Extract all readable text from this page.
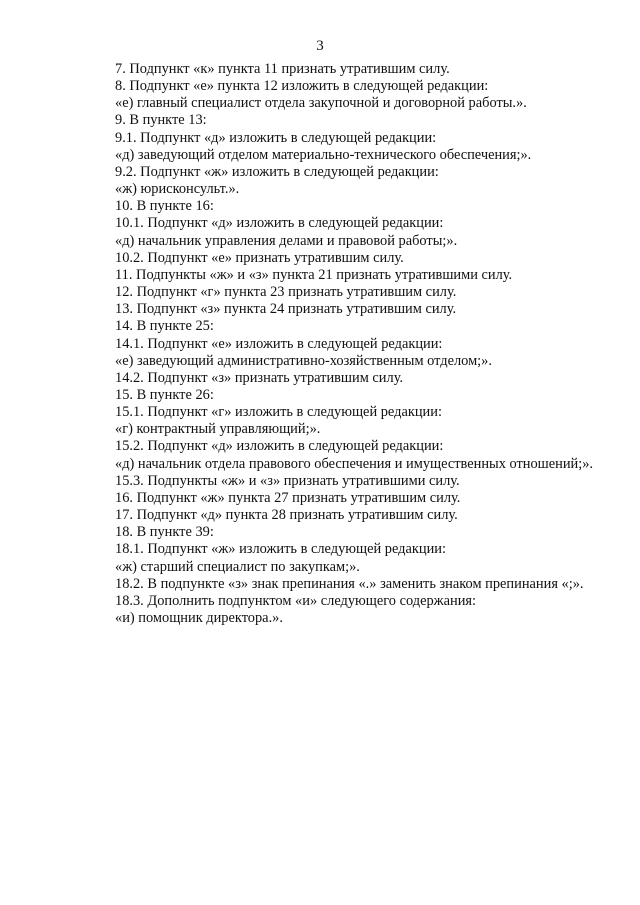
3

7. Подпункт «к» пункта 11 признать утратившим силу.

8. Подпункт «е» пункта 12 изложить в следующей редакции:

«е) главный специалист отдела закупочной и договорной работы.».

9. В пункте 13:

9.1. Подпункт «д» изложить в следующей редакции:

«д) заведующий отделом материально-технического обеспечения;».

9.2. Подпункт «ж» изложить в следующей редакции:

«ж) юрисконсульт.».

10. В пункте 16:

10.1. Подпункт «д» изложить в следующей редакции:

«д) начальник управления делами и правовой работы;».

10.2. Подпункт «е» признать утратившим силу.

11. Подпункты «ж» и «з» пункта 21 признать утратившими силу.

12. Подпункт «г» пункта 23 признать утратившим силу.

13. Подпункт «з» пункта 24 признать утратившим силу.

14. В пункте 25:

14.1. Подпункт «е» изложить в следующей редакции:

«е) заведующий административно-хозяйственным отделом;».

14.2. Подпункт «з» признать утратившим силу.

15. В пункте 26:

15.1. Подпункт «г» изложить в следующей редакции:

«г) контрактный управляющий;».

15.2. Подпункт «д» изложить в следующей редакции:

«д) начальник отдела правового обеспечения и имущественных отношений;».

15.3. Подпункты «ж» и «з» признать утратившими силу.

16. Подпункт «ж» пункта 27 признать утратившим силу.

17. Подпункт «д» пункта 28 признать утратившим силу.

18. В пункте 39:

18.1. Подпункт «ж» изложить в следующей редакции:

«ж) старший специалист по закупкам;».

18.2. В подпункте «з» знак препинания «.» заменить знаком препинания «;».

18.3. Дополнить подпунктом «и» следующего содержания:

«и) помощник директора.».
